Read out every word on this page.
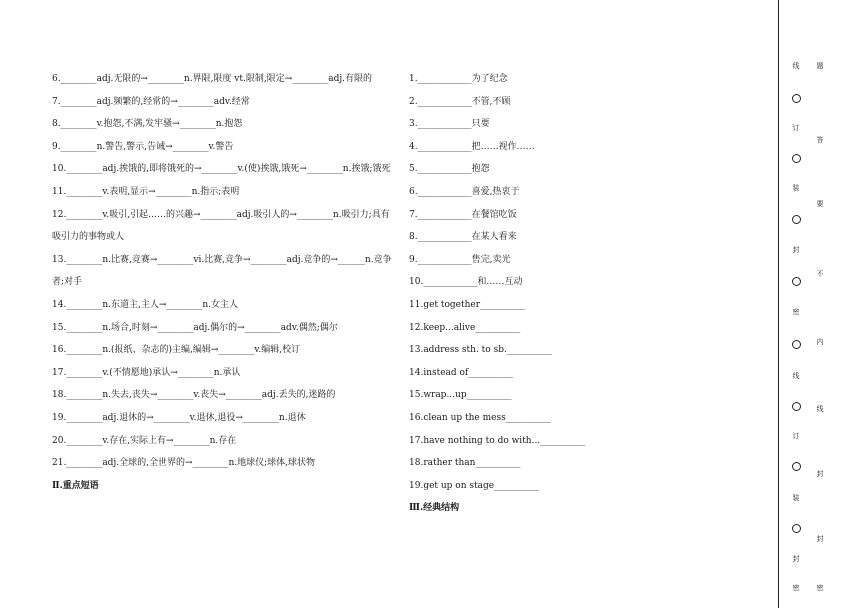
6.________adj.无限的→________n.界限,限度 vt.限制,限定→________adj.有限的
7.________adj.频繁的,经常的→________adv.经常
8.________v.抱怨,不满,发牢骚→________n.抱怨
9.________n.警告,警示,告诫→________v.警告
10.________adj.挨饿的,即将饿死的→________v.(使)挨饿,饿死→________n.挨饿;饿死
11.________v.表明,显示→________n.指示;表明
12.________v.吸引,引起……的兴趣→________adj.吸引人的→________n.吸引力;具有吸引力的事物或人
13.________n.比赛,竞赛→________vi.比赛,竞争→________adj.竞争的→______n.竞争者;对手
14.________n.东道主,主人→________n.女主人
15.________n.场合,时刻→________adj.偶尔的→________adv.偶然;偶尔
16.________n.(报纸、杂志的)主编,编辑→________v.编辑,校订
17.________v.(不情愿地)承认→________n.承认
18.________n.失去,丧失→________v.丧失→________adj.丢失的,迷路的
19.________adj.退休的→________v.退休,退役→________n.退休
20.________v.存在,实际上有→________n.存在
21.________adj.全球的,全世界的→________n.地球仪;球体,球状物
Ⅱ.重点短语
1.____________为了纪念
2.____________不管,不顾
3.____________只要
4.____________把……视作……
5.____________抱怨
6.____________喜爱,热衷于
7.____________在餐馆吃饭
8.____________在某人看来
9.____________售完,卖光
10.____________和……互动
11.get together__________
12.keep...alive__________
13.address sth. to sb.__________
14.instead of__________
15.wrap...up__________
16.clean up the mess__________
17.have nothing to do with...__________
18.rather than__________
19.get up on stage__________
Ⅲ.经典结构
线
订
装
封
密
线
订
装
封
密
题
答
要
不
内
线
封
封
密
